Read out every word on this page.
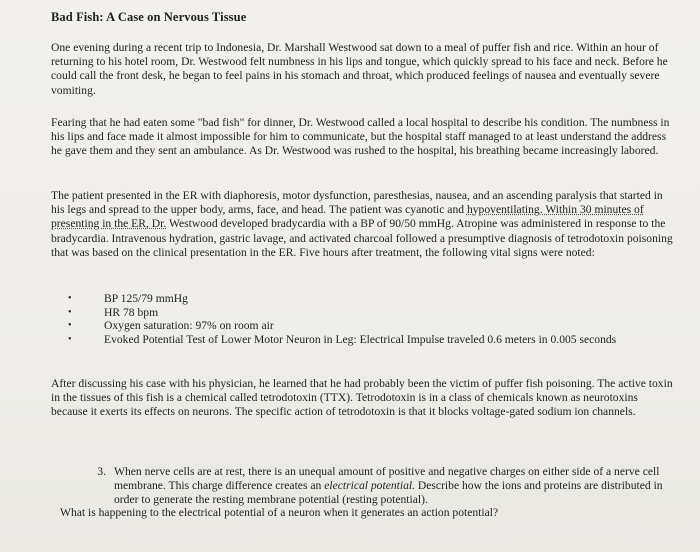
Bad Fish: A Case on Nervous Tissue

One evening during a recent trip to Indonesia, Dr. Marshall Westwood sat down to a meal of puffer fish and rice. Within an hour of returning to his hotel room, Dr. Westwood felt numbness in his lips and tongue, which quickly spread to his face and neck. Before he could call the front desk, he began to feel pains in his stomach and throat, which produced feelings of nausea and eventually severe vomiting.

Fearing that he had eaten some "bad fish" for dinner, Dr. Westwood called a local hospital to describe his condition. The numbness in his lips and face made it almost impossible for him to communicate, but the hospital staff managed to at least understand the address he gave them and they sent an ambulance. As Dr. Westwood was rushed to the hospital, his breathing became increasingly labored.

The patient presented in the ER with diaphoresis, motor dysfunction, paresthesias, nausea, and an ascending paralysis that started in his legs and spread to the upper body, arms, face, and head. The patient was cyanotic and hypoventilating. Within 30 minutes of presenting in the ER, Dr. Westwood developed bradycardia with a BP of 90/50 mmHg. Atropine was administered in response to the bradycardia. Intravenous hydration, gastric lavage, and activated charcoal followed a presumptive diagnosis of tetrodotoxin poisoning that was based on the clinical presentation in the ER. Five hours after treatment, the following vital signs were noted:

•	BP 125/79 mmHg
•	HR 78 bpm
•	Oxygen saturation: 97% on room air
•	Evoked Potential Test of Lower Motor Neuron in Leg: Electrical Impulse traveled 0.6 meters in 0.005 seconds

After discussing his case with his physician, he learned that he had probably been the victim of puffer fish poisoning. The active toxin in the tissues of this fish is a chemical called tetrodotoxin (TTX). Tetrodotoxin is in a class of chemicals known as neurotoxins because it exerts its effects on neurons. The specific action of tetrodotoxin is that it blocks voltage-gated sodium ion channels.

3. When nerve cells are at rest, there is an unequal amount of positive and negative charges on either side of a nerve cell membrane. This charge difference creates an electrical potential. Describe how the ions and proteins are distributed in order to generate the resting membrane potential (resting potential).
What is happening to the electrical potential of a neuron when it generates an action potential?
